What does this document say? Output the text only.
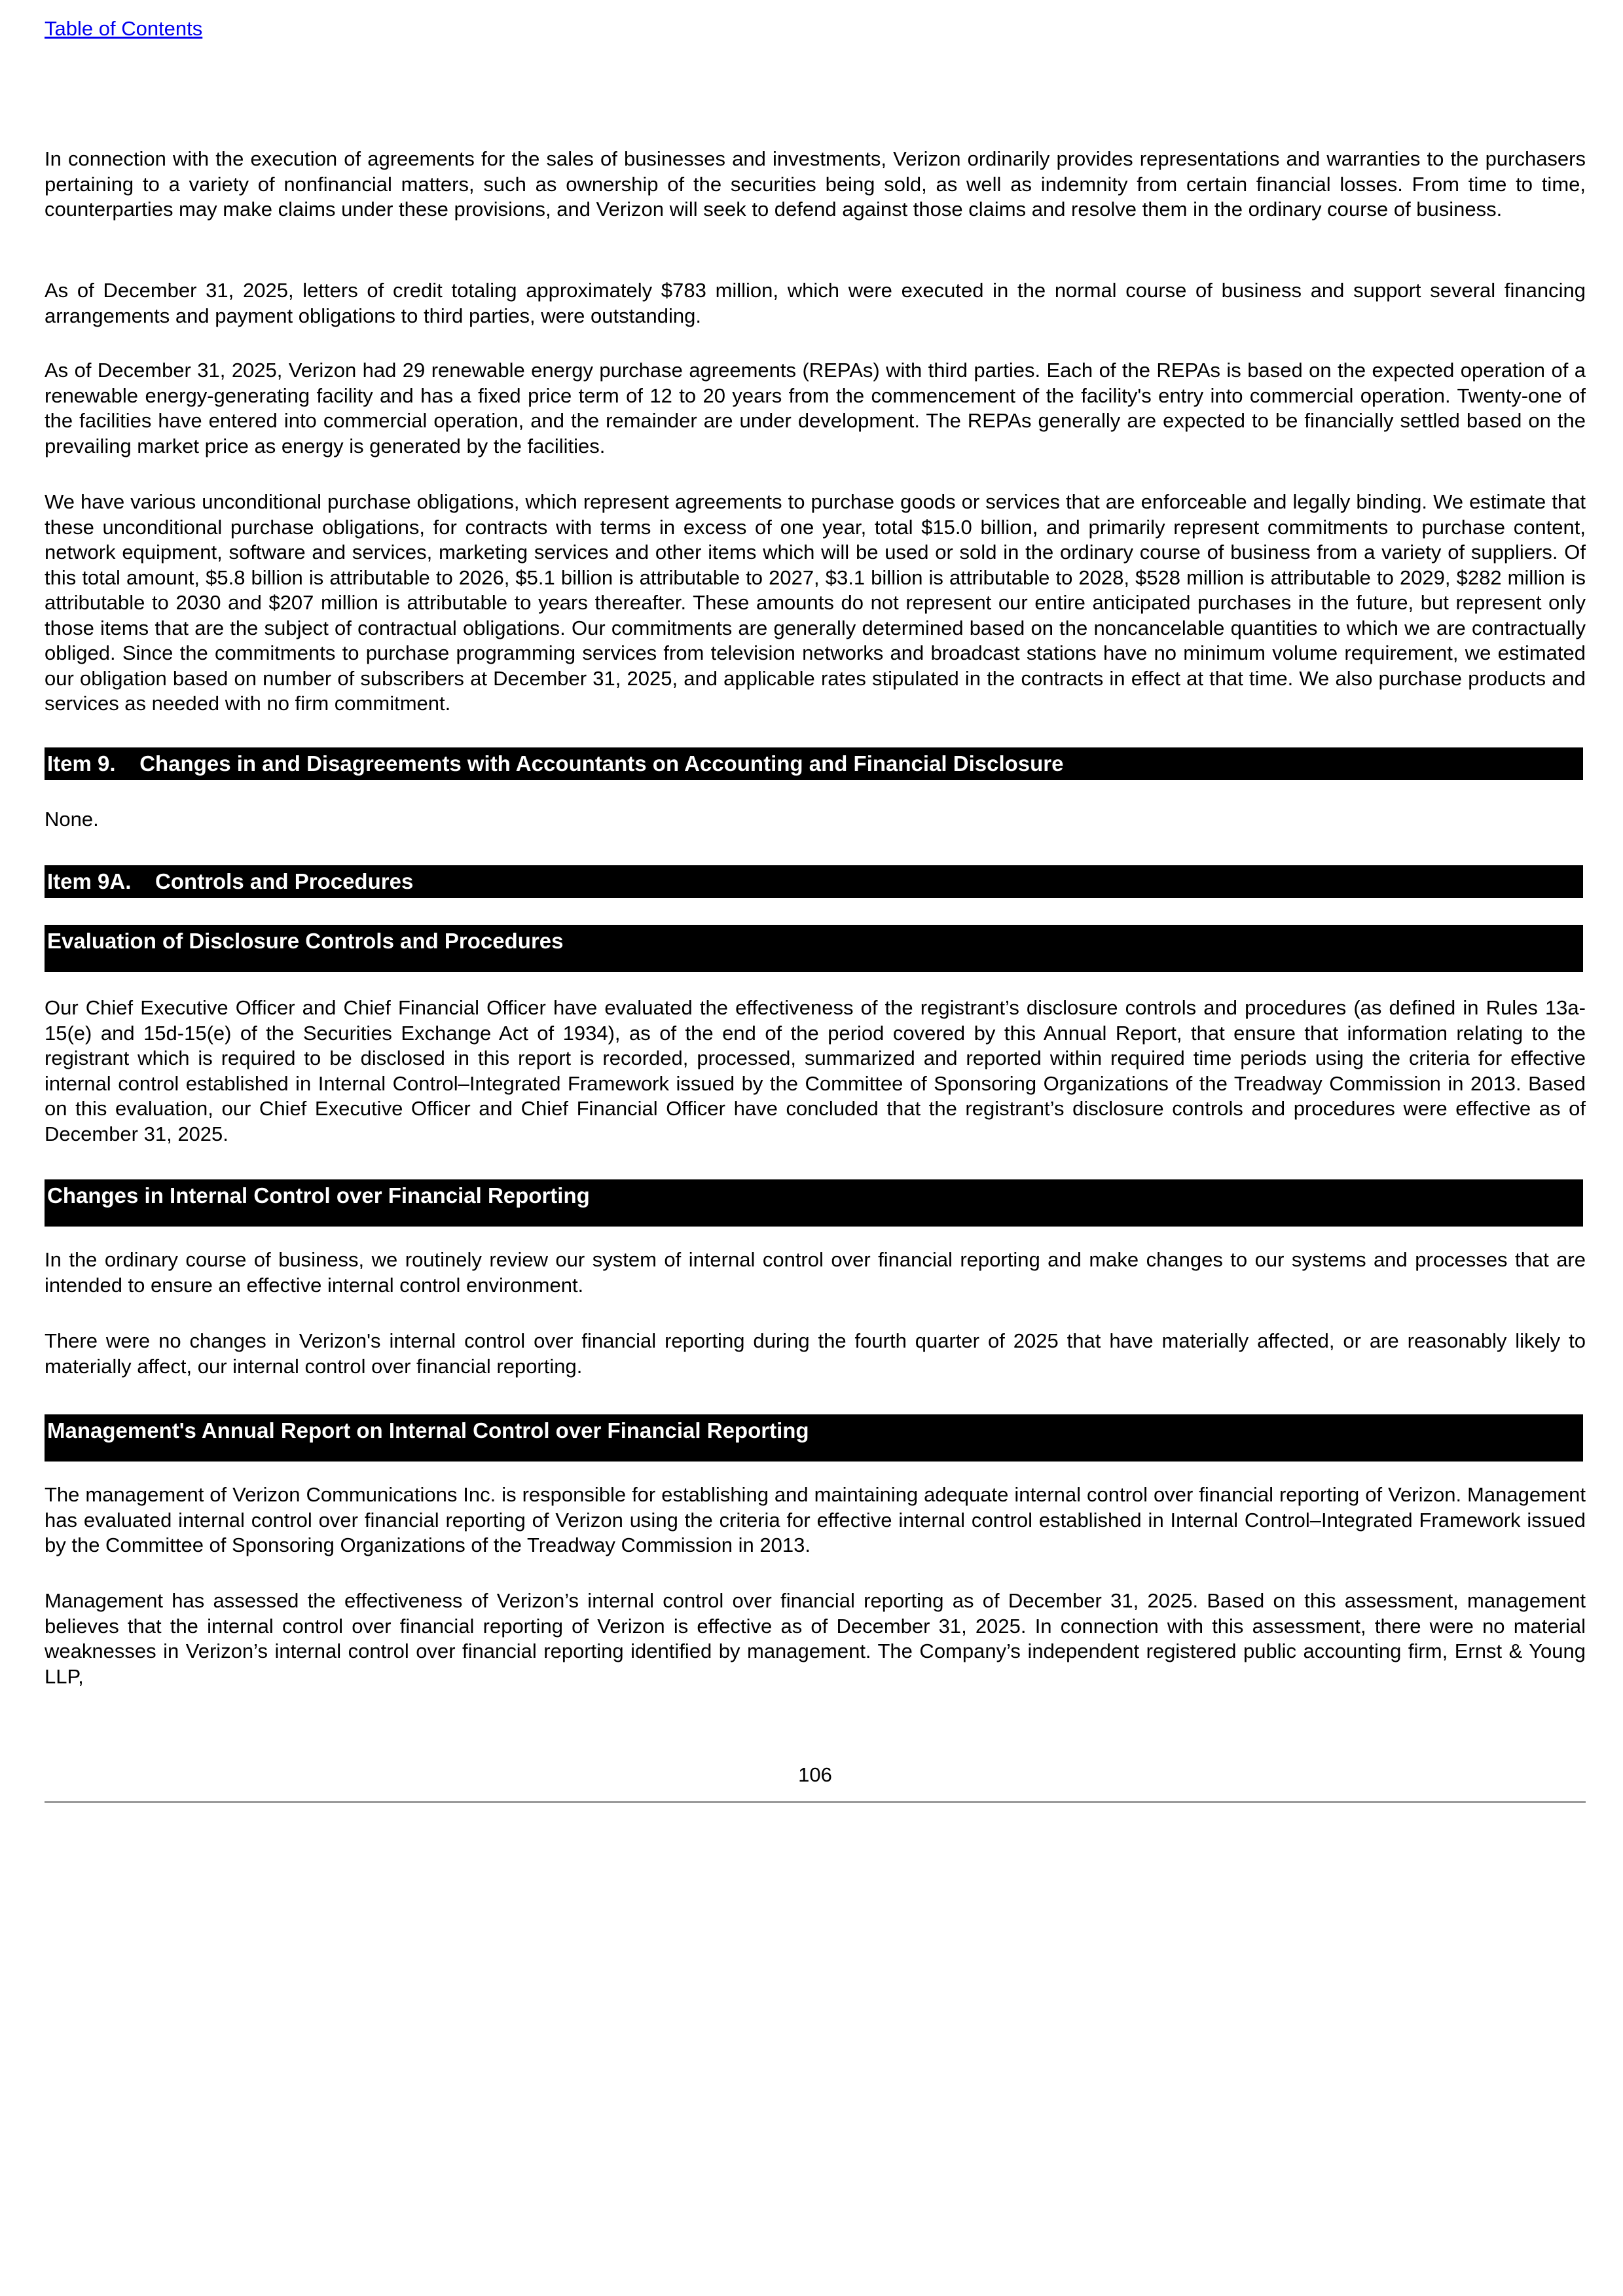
Table of Contents

In connection with the execution of agreements for the sales of businesses and investments, Verizon ordinarily provides representations and warranties to the purchasers pertaining to a variety of nonfinancial matters, such as ownership of the securities being sold, as well as indemnity from certain financial losses. From time to time, counterparties may make claims under these provisions, and Verizon will seek to defend against those claims and resolve them in the ordinary course of business.

As of December 31, 2025, letters of credit totaling approximately $783 million, which were executed in the normal course of business and support several financing arrangements and payment obligations to third parties, were outstanding.

As of December 31, 2025, Verizon had 29 renewable energy purchase agreements (REPAs) with third parties. Each of the REPAs is based on the expected operation of a renewable energy-generating facility and has a fixed price term of 12 to 20 years from the commencement of the facility's entry into commercial operation. Twenty-one of the facilities have entered into commercial operation, and the remainder are under development. The REPAs generally are expected to be financially settled based on the prevailing market price as energy is generated by the facilities.

We have various unconditional purchase obligations, which represent agreements to purchase goods or services that are enforceable and legally binding. We estimate that these unconditional purchase obligations, for contracts with terms in excess of one year, total $15.0 billion, and primarily represent commitments to purchase content, network equipment, software and services, marketing services and other items which will be used or sold in the ordinary course of business from a variety of suppliers. Of this total amount, $5.8 billion is attributable to 2026, $5.1 billion is attributable to 2027, $3.1 billion is attributable to 2028, $528 million is attributable to 2029, $282 million is attributable to 2030 and $207 million is attributable to years thereafter. These amounts do not represent our entire anticipated purchases in the future, but represent only those items that are the subject of contractual obligations. Our commitments are generally determined based on the noncancelable quantities to which we are contractually obliged. Since the commitments to purchase programming services from television networks and broadcast stations have no minimum volume requirement, we estimated our obligation based on number of subscribers at December 31, 2025, and applicable rates stipulated in the contracts in effect at that time. We also purchase products and services as needed with no firm commitment.

Item 9.    Changes in and Disagreements with Accountants on Accounting and Financial Disclosure

None.

Item 9A.    Controls and Procedures
Evaluation of Disclosure Controls and Procedures

Our Chief Executive Officer and Chief Financial Officer have evaluated the effectiveness of the registrant’s disclosure controls and procedures (as defined in Rules 13a-15(e) and 15d-15(e) of the Securities Exchange Act of 1934), as of the end of the period covered by this Annual Report, that ensure that information relating to the registrant which is required to be disclosed in this report is recorded, processed, summarized and reported within required time periods using the criteria for effective internal control established in Internal Control–Integrated Framework issued by the Committee of Sponsoring Organizations of the Treadway Commission in 2013. Based on this evaluation, our Chief Executive Officer and Chief Financial Officer have concluded that the registrant’s disclosure controls and procedures were effective as of December 31, 2025.

Changes in Internal Control over Financial Reporting

In the ordinary course of business, we routinely review our system of internal control over financial reporting and make changes to our systems and processes that are intended to ensure an effective internal control environment.

There were no changes in Verizon's internal control over financial reporting during the fourth quarter of 2025 that have materially affected, or are reasonably likely to materially affect, our internal control over financial reporting.

Management's Annual Report on Internal Control over Financial Reporting

The management of Verizon Communications Inc. is responsible for establishing and maintaining adequate internal control over financial reporting of Verizon. Management has evaluated internal control over financial reporting of Verizon using the criteria for effective internal control established in Internal Control–Integrated Framework issued by the Committee of Sponsoring Organizations of the Treadway Commission in 2013.

Management has assessed the effectiveness of Verizon’s internal control over financial reporting as of December 31, 2025. Based on this assessment, management believes that the internal control over financial reporting of Verizon is effective as of December 31, 2025. In connection with this assessment, there were no material weaknesses in Verizon’s internal control over financial reporting identified by management. The Company’s independent registered public accounting firm, Ernst & Young LLP,

106
